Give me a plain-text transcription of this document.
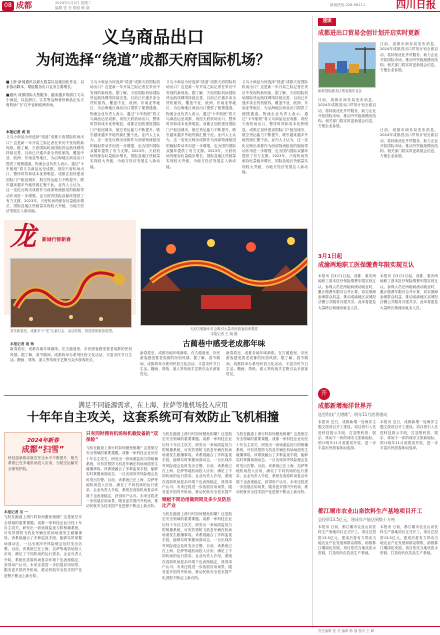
08 成都	2024年1月2日 星期二
编辑 张 亮 排版 韩 瑞
新闻热线 028-96111	四川日报
义乌商品出口
为何选择“绕道”成都天府国际机场？

■上游·新闻通讯以最大数量以及地加化作业、以来推动降本、增值服务出口业务主要增长。

■通讯·成都国际大型服务、越来越多的浙江义乌小商品，以及浙江、江苏等沿海省份商品正从天府机场“飞”往中亚和欧洲市场。

本报记者 成 洁

义乌小商品为何选择“绕道”成都天府国际机场出口？这是新一年开局之际记者在采访中发现的新现象。据了解，天府国际机场国际货运航线网络持续完善，目前已开通多条全货机航线，覆盖中亚、欧洲、东南亚等地区，为沿海地区商品出口提供了便捷通道。物流企业负责人表示，通过“卡车航班”将义乌商品运至成都，再经天府机场出口，整体时效和成本优势明显。成都正加快建设国际门户枢纽城市，航空货运能力不断提升，吸引越来越多外地货源汇聚于此。业内人士认为，这一变化反映出成都作为西部物流枢纽的辐射带动作用进一步增强，也为国内国际双循环提供了有力支撑。2023年，天府机场货邮吞吐量稳步增长，国际及地区货邮量实现较大突破，为地方经济发展注入新动能。

义乌小商品为何选择“绕道”成都天府国际机场出口？这是新一年开局之际记者在采访中发现的新现象。据了解，天府国际机场国际货运航线网络持续完善，目前已开通多条全货机航线，覆盖中亚、欧洲、东南亚等地区，为沿海地区商品出口提供了便捷通道。物流企业负责人表示，通过“卡车航班”将义乌商品运至成都，再经天府机场出口，整体时效和成本优势明显。成都正加快建设国际门户枢纽城市，航空货运能力不断提升，吸引越来越多外地货源汇聚于此。业内人士认为，这一变化反映出成都作为西部物流枢纽的辐射带动作用进一步增强，也为国内国际双循环提供了有力支撑。2023年，天府机场货邮吞吐量稳步增长，国际及地区货邮量实现较大突破，为地方经济发展注入新动能。
义乌小商品为何选择“绕道”成都天府国际机场出口？这是新一年开局之际记者在采访中发现的新现象。据了解，天府国际机场国际货运航线网络持续完善，目前已开通多条全货机航线，覆盖中亚、欧洲、东南亚等地区，为沿海地区商品出口提供了便捷通道。物流企业负责人表示，通过“卡车航班”将义乌商品运至成都，再经天府机场出口，整体时效和成本优势明显。成都正加快建设国际门户枢纽城市，航空货运能力不断提升，吸引越来越多外地货源汇聚于此。业内人士认为，这一变化反映出成都作为西部物流枢纽的辐射带动作用进一步增强，也为国内国际双循环提供了有力支撑。2023年，天府机场货邮吞吐量稳步增长，国际及地区货邮量实现较大突破，为地方经济发展注入新动能。
义乌小商品为何选择“绕道”成都天府国际机场出口？这是新一年开局之际记者在采访中发现的新现象。据了解，天府国际机场国际货运航线网络持续完善，目前已开通多条全货机航线，覆盖中亚、欧洲、东南亚等地区，为沿海地区商品出口提供了便捷通道。物流企业负责人表示，通过“卡车航班”将义乌商品运至成都，再经天府机场出口，整体时效和成本优势明显。成都正加快建设国际门户枢纽城市，航空货运能力不断提升，吸引越来越多外地货源汇聚于此。业内人士认为，这一变化反映出成都作为西部物流枢纽的辐射带动作用进一步增强，也为国内国际双循环提供了有力支撑。2023年，天府机场货邮吞吐量稳步增长，国际及地区货邮量实现较大突破，为地方经济发展注入新动能。
龙 新城行智新春
天府古镇新年灯会吸引大量市民游客前来观赏
本报记者 王 晓 摄
龙年新春至，成都多个“龙”元素灯会、活动亮相，营造浓浓新春氛围。
古蔺巷中感受老成都年味

本报记者 胡 炜

新春将至，成都各地年味渐浓。在古蔺巷里，市民游客感受着老成都的民俗风情。据了解，春节期间，成都将举办系列民俗文化活动，丰富市民节日生活。糖画、剪纸、面人等传统手艺吸引众多游客驻足。

新春将至，成都各地年味渐浓。在古蔺巷里，市民游客感受着老成都的民俗风情。据了解，春节期间，成都将举办系列民俗文化活动，丰富市民节日生活。糖画、剪纸、面人等传统手艺吸引众多游客驻足。
新春将至，成都各地年味渐浓。在古蔺巷里，市民游客感受着老成都的民俗风情。据了解，春节期间，成都将举办系列民俗文化活动，丰富市民节日生活。糖画、剪纸、面人等传统手艺吸引众多游客驻足。
满足不同能源需求，在上海、拉萨等地机场投入应用
十年年自主攻关，这套系统可有效防止飞机相撞
2024年新春
成都“扫雪”
科技创新推动航空安全水平不断提升，相关系统已在多地机场投入应用，为航空运输安全保驾护航。

本报记者 吴 一

飞机在跑道上滑行时如何避免相撞？这是航空安全领域的重要课题。成都一家科技企业历经十年自主攻关，研发出一套场面监视与防相撞系统，可有效预防飞机及车辆在机场场面发生碰撞事故。该系统融合了多种监视手段，能够实时掌握场面动态，一旦出现冲突风险便会及时发出告警。目前，该系统已在上海、拉萨等地机场投入应用，满足了不同机场的运行需求。企业负责人介绍，系统在高原机场复杂环境下也表现稳定，获得用户认可。未来还将进一步拓展应用场景，服务更多国内外机场，推动民航安全技术国产化进程不断迈上新台阶。

只有同时拥有机场和机载设备的“双保险”
飞机在跑道上滑行时如何避免相撞？这是航空安全领域的重要课题。成都一家科技企业历经十年自主攻关，研发出一套场面监视与防相撞系统，可有效预防飞机及车辆在机场场面发生碰撞事故。该系统融合了多种监视手段，能够实时掌握场面动态，一旦出现冲突风险便会及时发出告警。目前，该系统已在上海、拉萨等地机场投入应用，满足了不同机场的运行需求。企业负责人介绍，系统在高原机场复杂环境下也表现稳定，获得用户认可。未来还将进一步拓展应用场景，服务更多国内外机场，推动民航安全技术国产化进程不断迈上新台阶。
飞机在跑道上滑行时如何避免相撞？这是航空安全领域的重要课题。成都一家科技企业历经十年自主攻关，研发出一套场面监视与防相撞系统，可有效预防飞机及车辆在机场场面发生碰撞事故。该系统融合了多种监视手段，能够实时掌握场面动态，一旦出现冲突风险便会及时发出告警。目前，该系统已在上海、拉萨等地机场投入应用，满足了不同机场的运行需求。企业负责人介绍，系统在高原机场复杂环境下也表现稳定，获得用户认可。未来还将进一步拓展应用场景，服务更多国内外机场，推动民航安全技术国产
钢板不同功用做到同及多少及防后比产业
飞机在跑道上滑行时如何避免相撞？这是航空安全领域的重要课题。成都一家科技企业历经十年自主攻关，研发出一套场面监视与防相撞系统，可有效预防飞机及车辆在机场场面发生碰撞事故。该系统融合了多种监视手段，能够实时掌握场面动态，一旦出现冲突风险便会及时发出告警。目前，该系统已在上海、拉萨等地机场投入应用，满足了不同机场的运行需求。企业负责人介绍，系统在高原机场复杂环境下也表现稳定，获得用户认可。未来还将进一步拓展应用场景，服务更多国内外机场，推动民航安全技术国产化进程不断迈上新台阶。
飞机在跑道上滑行时如何避免相撞？这是航空安全领域的重要课题。成都一家科技企业历经十年自主攻关，研发出一套场面监视与防相撞系统，可有效预防飞机及车辆在机场场面发生碰撞事故。该系统融合了多种监视手段，能够实时掌握场面动态，一旦出现冲突风险便会及时发出告警。目前，该系统已在上海、拉萨等地机场投入应用，满足了不同机场的运行需求。企业负责人介绍，系统在高原机场复杂环境下也表现稳定，获得用户认可。未来还将进一步拓展应用场景，服务更多国内外机场，推动民航安全技术国产化进程不断迈上新台阶。
速读
成都进出口贸易会创计划开启实时更新
新都国际港务区集装箱作业区
日前，成都市商务局发布消息，2024年成都进出口贸易计划全面启动，将持续优化外贸服务，助力企业开拓国际市场，推动外贸稳规模优结构。相关部门将实时更新展会信息，方便企业参展。
日前，成都市商务局发布消息，2024年成都进出口贸易计划全面启动，将持续优化外贸服务，助力企业开拓国际市场，推动外贸稳规模优结构。相关部门将实时更新展会信息，方便企业参展。
日前，成都市商务局发布消息，2024年成都进出口贸易计划全面启动，将持续优化外贸服务，助力企业开拓国际市场，推动外贸稳规模优结构。相关部门将实时更新展会信息，方便企业参展。
3月1日起
成渝两地职工医保缴费年限实现互认
本报讯 自3月1日起，成都、重庆两地职工基本医疗保险缴费年限实现互认。参保人员在两地间流动就业时，累计缴费年限可合并计算，切实保障参保群众权益，推动成渝地区双城经济圈公共服务共建共享。此举将惠及大量跨区域流动就业人员。
本报讯 自3月1日起，成都、重庆两地职工基本医疗保险缴费年限实现互认。参保人员在两地间流动就业时，累计缴费年限可合并计算，切实保障参保群众权益，推动成渝地区双城经济圈公共服务共建共享。此举将惠及大量跨区域流动就业人员。
开
成都新增海洋世界开
选型科技“大增维”，明年11月底将建成
本报讯 近日，成都新增一处海洋主题文旅项目开工建设。项目将引入先进科技展示手段，打造集科普、娱乐、休闲于一体的城市文旅新地标，预计明年11月底建成开放，进一步丰富市民游客休闲选择。
本报讯 近日，成都新增一处海洋主题文旅项目开工建设。项目将引入先进科技展示手段，打造集科普、娱乐、休闲于一体的城市文旅新地标，预计明年11月底建成开放，进一步丰富市民游客休闲选择。
都江堰市农业山泉饮料生产基地项目开工
总投资13.5亿元，建成年产能达到数十万吨
本报讯 日前，都江堰市农业山泉饮料生产基地项目正式开工。项目总投资13.5亿元，建成后将有力带动当地农业产业发展和群众增收，助推都江堰绿色发展。项目依托当地优质水资源，打造现代化饮品生产基地。
本报讯 日前，都江堰市农业山泉饮料生产基地项目正式开工。项目总投资13.5亿元，建成后将有力带动当地农业产业发展和群众增收，助推都江堰绿色发展。项目依托当地优质水资源，打造现代化饮品生产基地。
责任编辑 张 亮 编辑 韩 瑞 校对 王 峰
